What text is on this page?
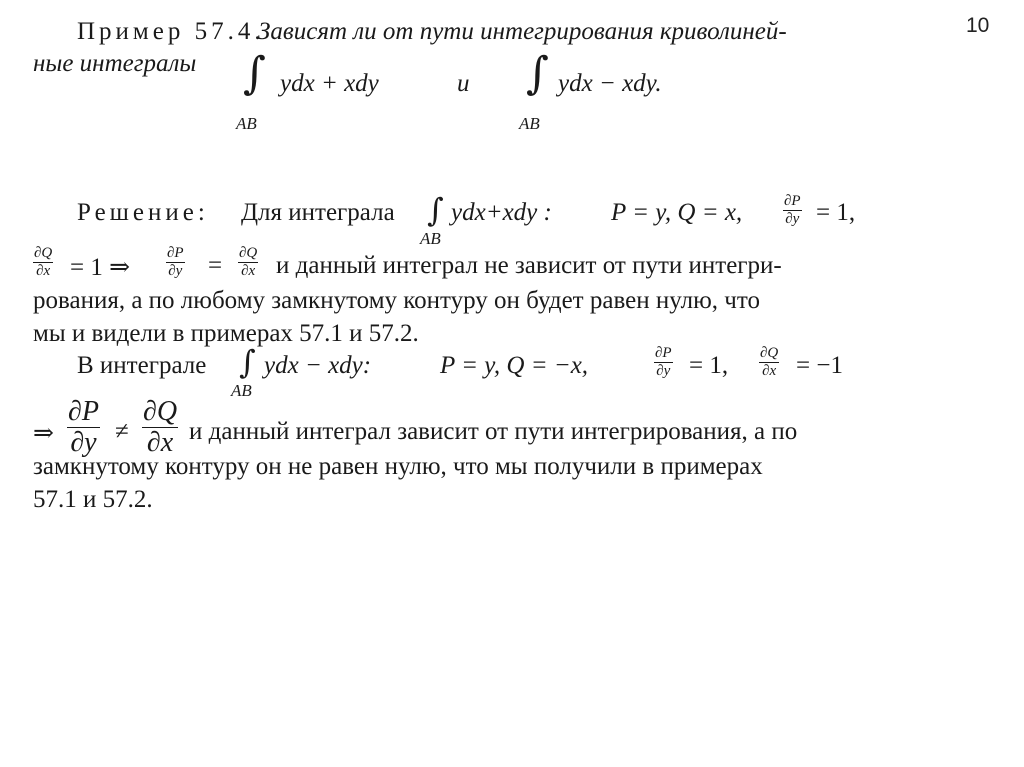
10
Пример 57.4.
Зависят ли от пути интегрирования криволиней-
ные интегралы ∫
AB
ydx + xdy	и ∫
AB
ydx − xdy.
Решение: Для интеграла ∫
AB
ydx+xdy : P = y, Q = x,	$\frac{\partial P}{\partial y} = 1$,
$\frac{\partial Q}{\partial x} = 1$ ⇒ $\frac{\partial P}{\partial y} = \frac{\partial Q}{\partial x}$ и данный интеграл не зависит от пути интегри-
рования, а по любому замкнутому контуру он будет равен нулю, что
мы и видели в примерах 57.1 и 57.2.
В интеграле ∫
AB
ydx − xdy:	P = y, Q = −x,	$\frac{\partial P}{\partial y} = 1$, $\frac{\partial Q}{\partial x} = -1$
⇒ $\frac{\partial P}{\partial y} \ne \frac{\partial Q}{\partial x}$ и данный интеграл зависит от пути интегрирования, а по
замкнутому контуру он не равен нулю, что мы получили в примерах
57.1 и 57.2.
